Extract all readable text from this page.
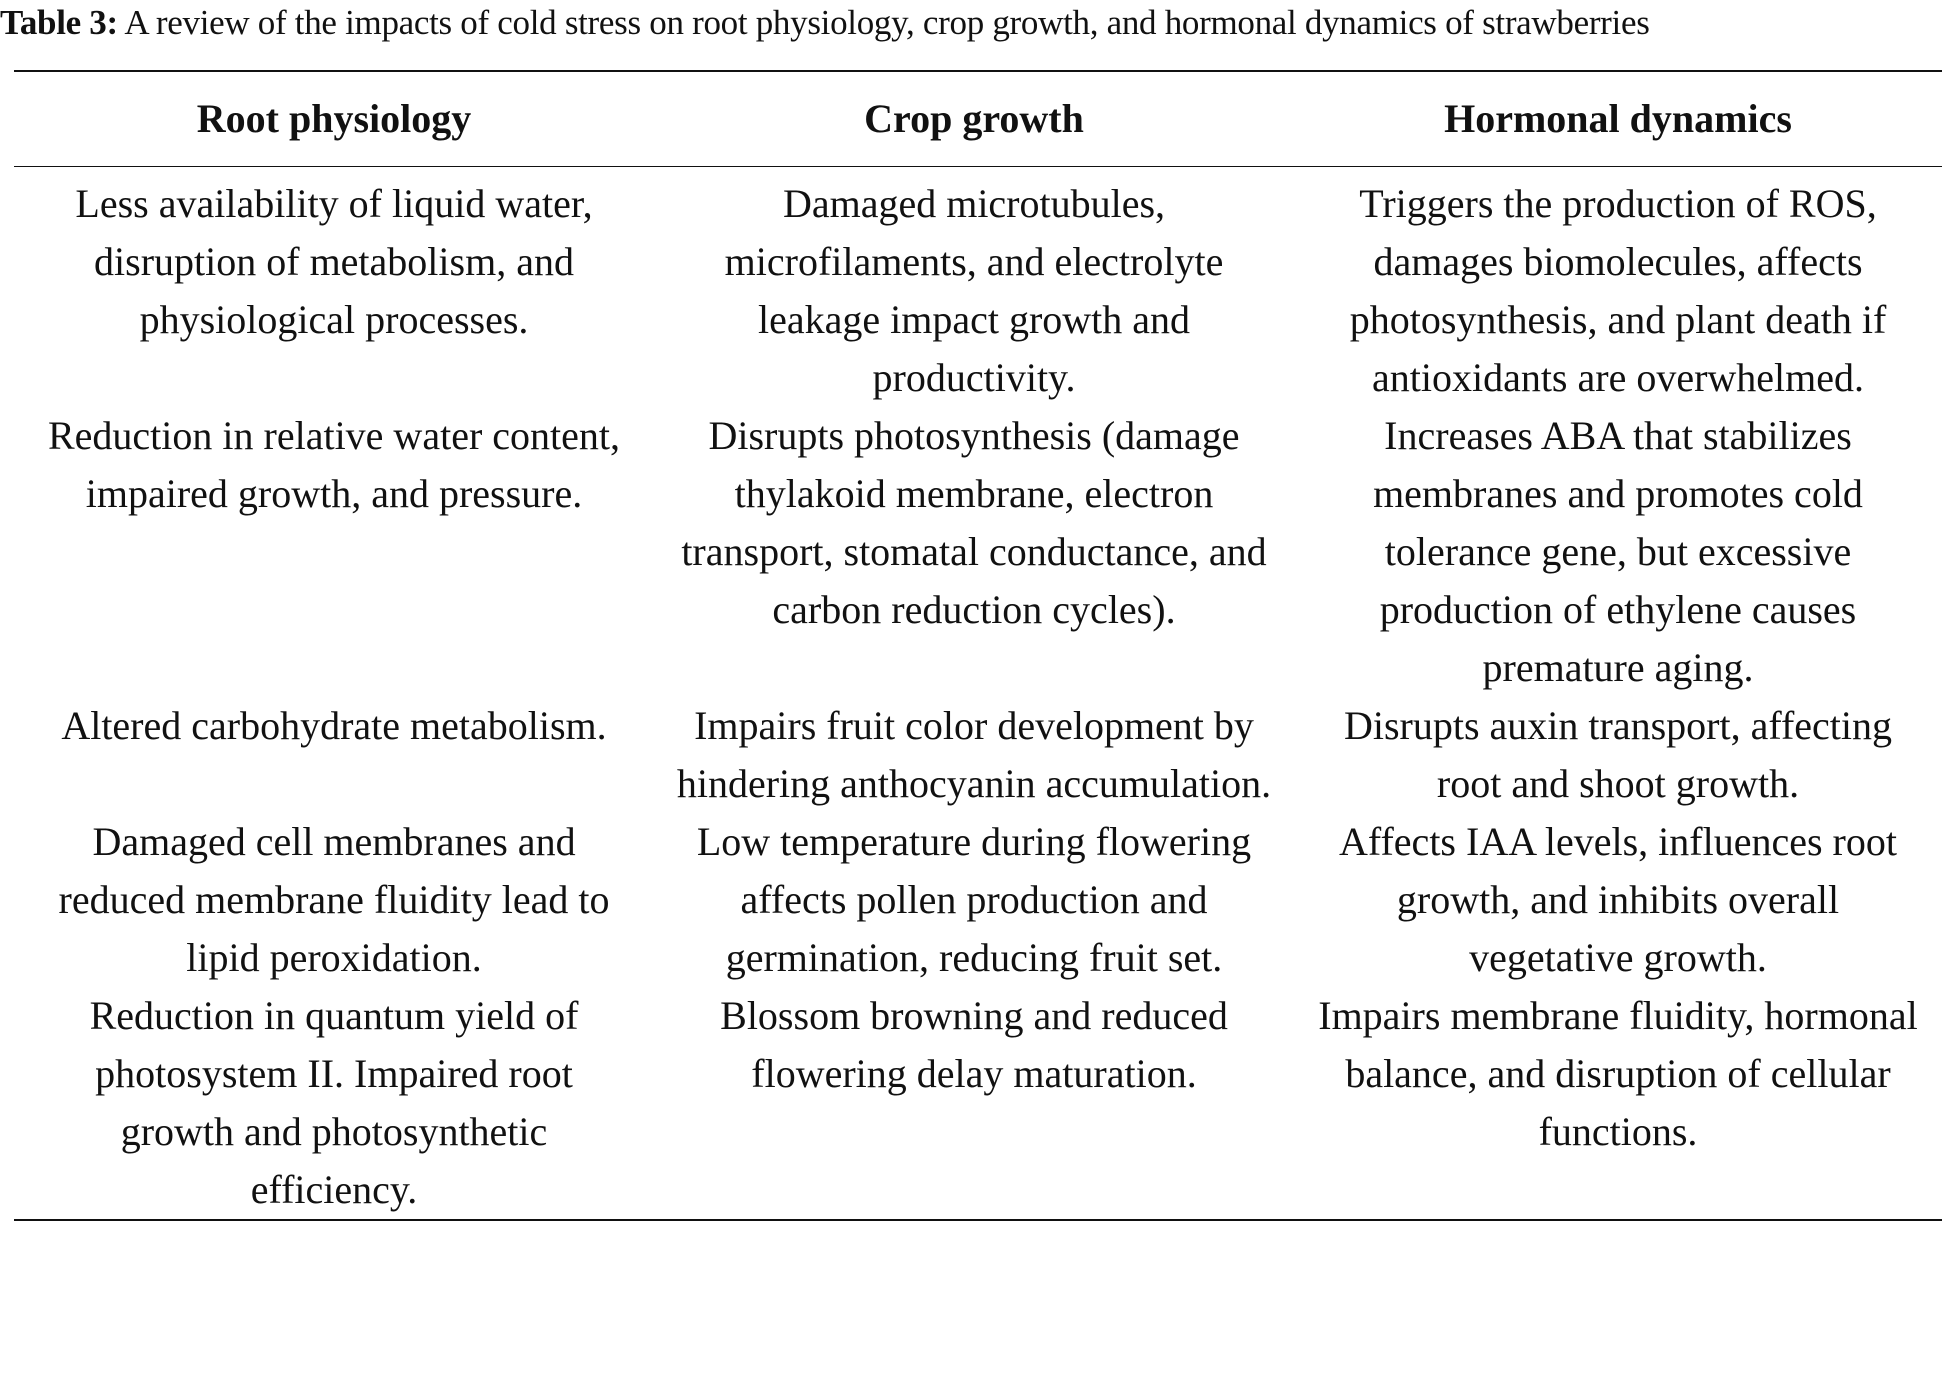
Table 3: A review of the impacts of cold stress on root physiology, crop growth, and hormonal dynamics of strawberries
Root physiology	Crop growth	Hormonal dynamics
Less availability of liquid water, disruption of metabolism, and physiological processes.	Damaged microtubules, microfilaments, and electrolyte leakage impact growth and productivity.	Triggers the production of ROS, damages biomolecules, affects photosynthesis, and plant death if antioxidants are overwhelmed.
Reduction in relative water content, impaired growth, and pressure.	Disrupts photosynthesis (damage thylakoid membrane, electron transport, stomatal conductance, and carbon reduction cycles).	Increases ABA that stabilizes membranes and promotes cold tolerance gene, but excessive production of ethylene causes premature aging.
Altered carbohydrate metabolism.	Impairs fruit color development by hindering anthocyanin accumulation.	Disrupts auxin transport, affecting root and shoot growth.
Damaged cell membranes and reduced membrane fluidity lead to lipid peroxidation.	Low temperature during flowering affects pollen production and germination, reducing fruit set.	Affects IAA levels, influences root growth, and inhibits overall vegetative growth.
Reduction in quantum yield of photosystem II. Impaired root growth and photosynthetic efficiency.	Blossom browning and reduced flowering delay maturation.	Impairs membrane fluidity, hormonal balance, and disruption of cellular functions.
